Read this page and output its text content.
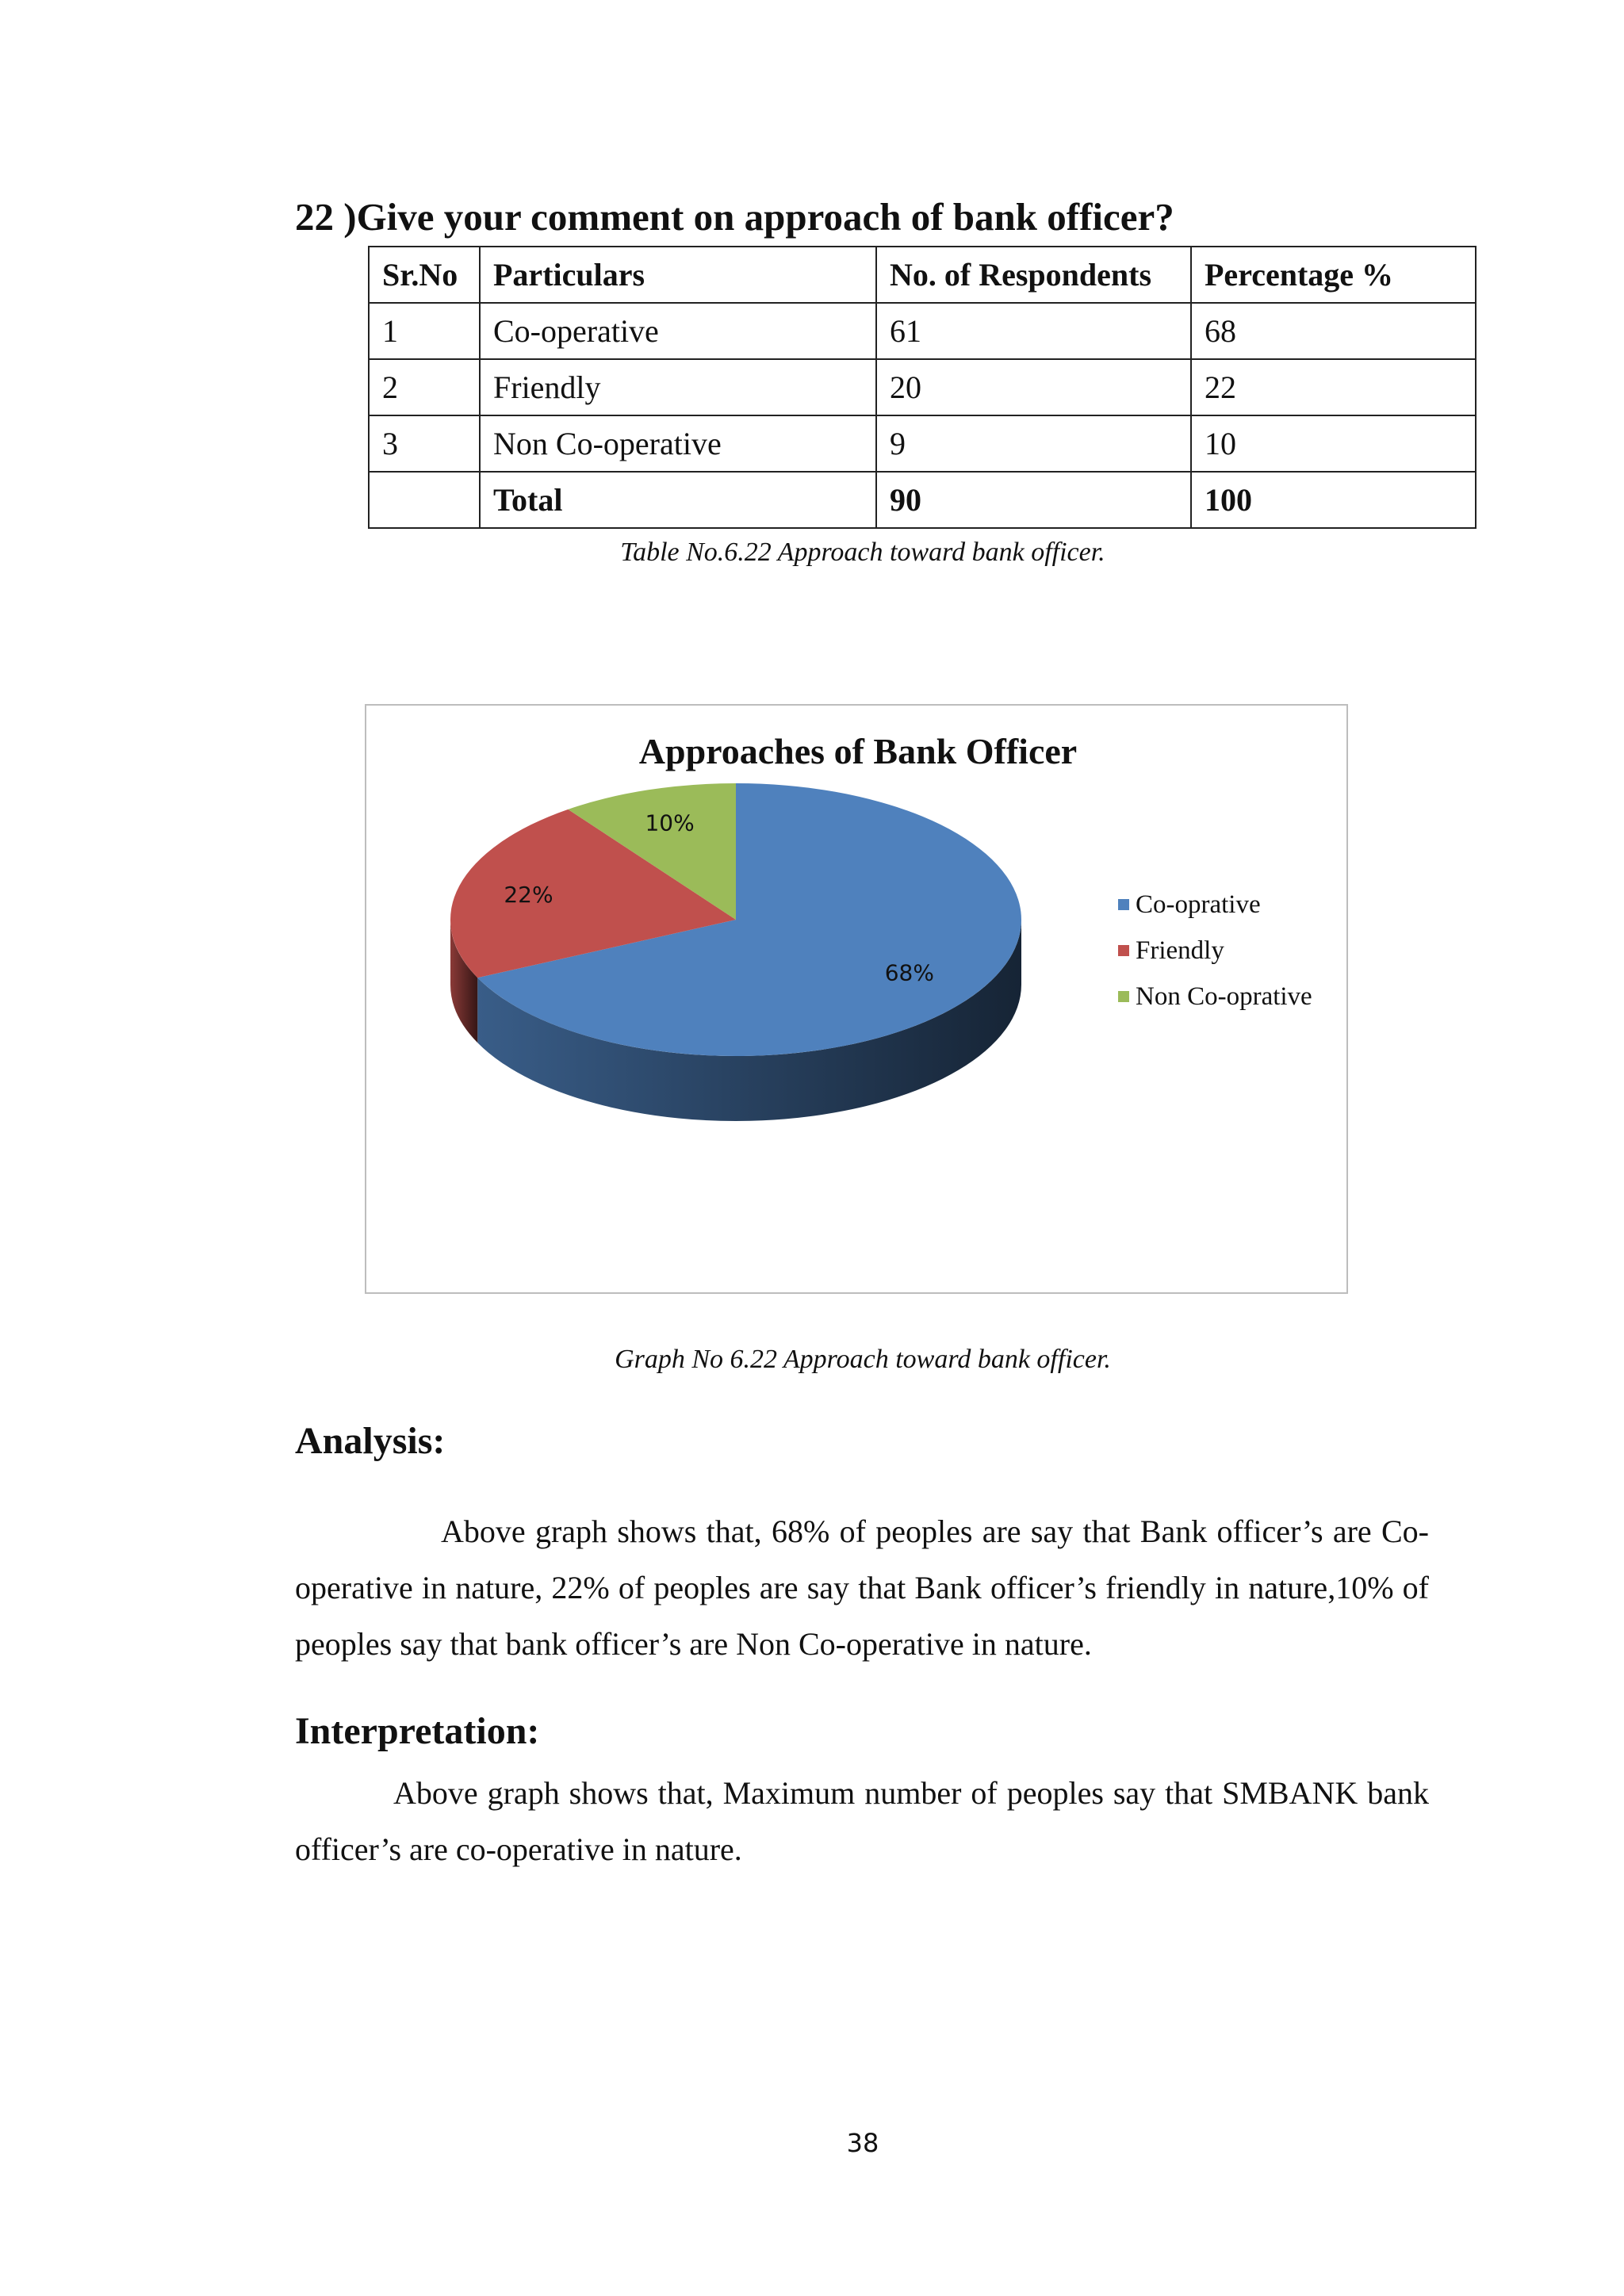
22 )Give your comment on approach of bank officer?
Sr.No	Particulars	No. of Respondents	Percentage %
1	Co-operative	61	68
2	Friendly	20	22
3	Non Co-operative	9	10
	Total	90	100
Table No.6.22 Approach toward bank officer.
Approaches of Bank Officer
68%
22%
10%
Co-oprative
Friendly
Non Co-oprative
Graph No 6.22 Approach toward bank officer.
Analysis:
Above graph shows that, 68% of peoples are say that Bank officer’s are Co-operative in nature, 22% of peoples are say that Bank officer’s friendly in nature,10% of peoples say that bank officer’s are Non Co-operative in nature.
Interpretation:
Above graph shows that, Maximum number of peoples say that SMBANK bank officer’s are co-operative in nature.
38
